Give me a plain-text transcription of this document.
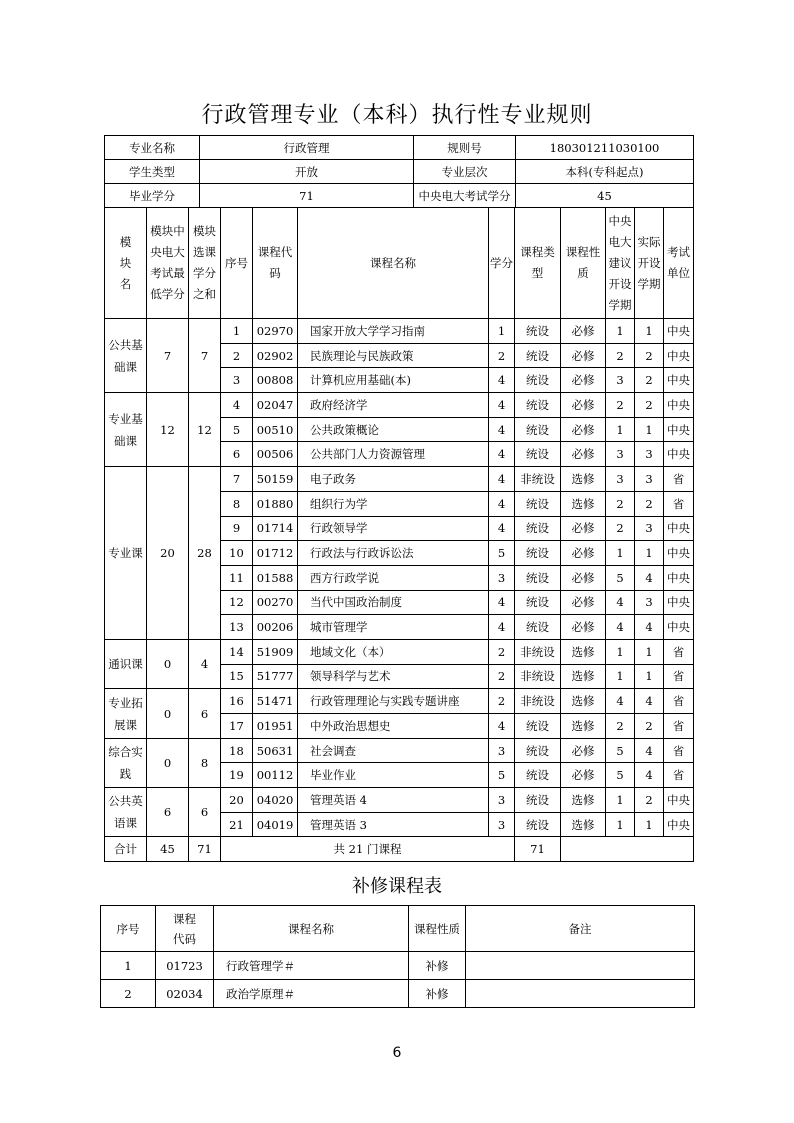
行政管理专业（本科）执行性专业规则
专业名称	行政管理	规则号	180301211030100
学生类型	开放	专业层次	本科(专科起点)
毕业学分	71	中央电大考试学分	45
模
块
名	模块中
央电大
考试最
低学分	模块
选课
学分
之和	序号	课程代
码	课程名称	学分	课程类
型	课程性
质	中央
电大
建议
开设
学期	实际
开设
学期	考试
单位
公共基
础课	7	7	1	02970	国家开放大学学习指南	1	统设	必修	1	1	中央
			2	02902	民族理论与民族政策	2	统设	必修	2	2	中央
			3	00808	计算机应用基础(本)	4	统设	必修	3	2	中央
专业基
础课	12	12	4	02047	政府经济学	4	统设	必修	2	2	中央
			5	00510	公共政策概论	4	统设	必修	1	1	中央
			6	00506	公共部门人力资源管理	4	统设	必修	3	3	中央
专业课	20	28	7	50159	电子政务	4	非统设	选修	3	3	省
			8	01880	组织行为学	4	统设	选修	2	2	省
			9	01714	行政领导学	4	统设	必修	2	3	中央
			10	01712	行政法与行政诉讼法	5	统设	必修	1	1	中央
			11	01588	西方行政学说	3	统设	必修	5	4	中央
			12	00270	当代中国政治制度	4	统设	必修	4	3	中央
			13	00206	城市管理学	4	统设	必修	4	4	中央
通识课	0	4	14	51909	地域文化（本）	2	非统设	选修	1	1	省
			15	51777	领导科学与艺术	2	非统设	选修	1	1	省
专业拓
展课	0	6	16	51471	行政管理理论与实践专题讲座	2	非统设	选修	4	4	省
			17	01951	中外政治思想史	4	统设	选修	2	2	省
综合实
践	0	8	18	50631	社会调查	3	统设	必修	5	4	省
			19	00112	毕业作业	5	统设	必修	5	4	省
公共英
语课	6	6	20	04020	管理英语 4	3	统设	选修	1	2	中央
			21	04019	管理英语 3	3	统设	选修	1	1	中央
合计	45	71	共 21 门课程				71				
补修课程表
序号	课程
代码	课程名称	课程性质	备注
1	01723	行政管理学＃	补修	
2	02034	政治学原理＃	补修	
6
